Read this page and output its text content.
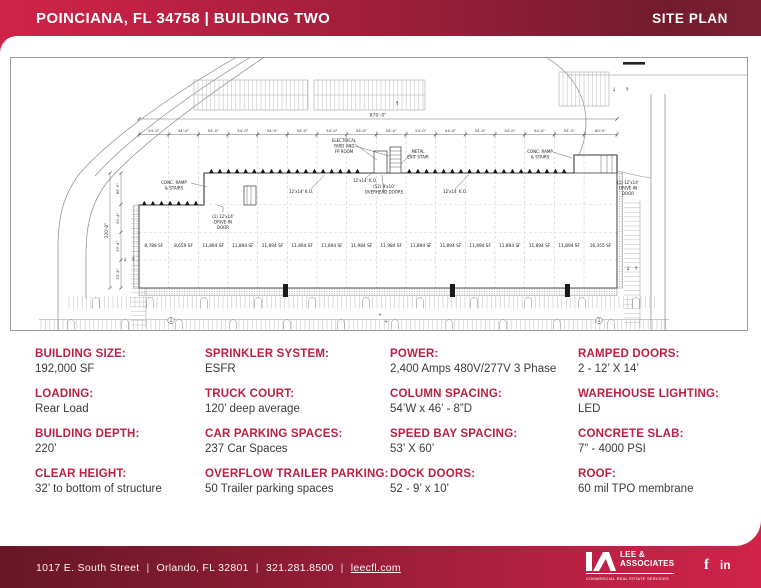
POINCIANA, FL 34758 | BUILDING TWO	SITE PLAN
870'-0"
54'-0"	54'-0"	54'-0"	54'-0"	54'-0"	54'-0"	54'-0"	54'-0"	54'-0"	54'-0"	54'-0"	54'-0"	54'-0"	54'-0"	54'-0"	60'-0"
60'-0"
53'-4"
53'-4"
53'-4"
220'-0"
8,788 SF	8,659 SF 11,894 SF 11,894 SF 11,894 SF 11,894 SF 11,894 SF 11,984 SF 11,984 SF 11,894 SF 11,894 SF 11,894 SF 11,894 SF 11,894 SF 11,894 SF 16,355 SF
ELECTRICAL YARD AND FP ROOM	METAL EXIT STAIR
CONC. RAMP & STAIRS
(1) 12'x14' DRIVE-IN DOOR
CONC. RAMP & STAIRS
(1) 12'x14' DRIVE-IN DOOR
(52) 9'x10' OVERHEAD DOORS
12'x14' K.O.
12'x14' K.O.
12'x14' K.O.
↓ ↑
↓ ↑
↓ ↑
↑
+
+
1	1
BUILDING SIZE:
192,000 SF
LOADING:
Rear Load
BUILDING DEPTH:
220’
CLEAR HEIGHT:
32’ to bottom of structure
SPRINKLER SYSTEM:
ESFR
TRUCK COURT:
120’ deep average
CAR PARKING SPACES:
237 Car Spaces
OVERFLOW TRAILER PARKING:
50 Trailer parking spaces
POWER:
2,400 Amps 480V/277V 3 Phase
COLUMN SPACING:
54’W x 46’ - 8”D
SPEED BAY SPACING:
53’ X 60’
DOCK DOORS:
52 - 9’ x 10’
RAMPED DOORS:
2 - 12’ X 14’
WAREHOUSE LIGHTING:
LED
CONCRETE SLAB:
7” - 4000 PSI
ROOF:
60 mil TPO membrane
1017 E. South Street | Orlando, FL 32801 | 321.281.8500 | leecfl.com
LEE &
ASSOCIATES
COMMERCIAL REAL ESTATE SERVICES
f in
